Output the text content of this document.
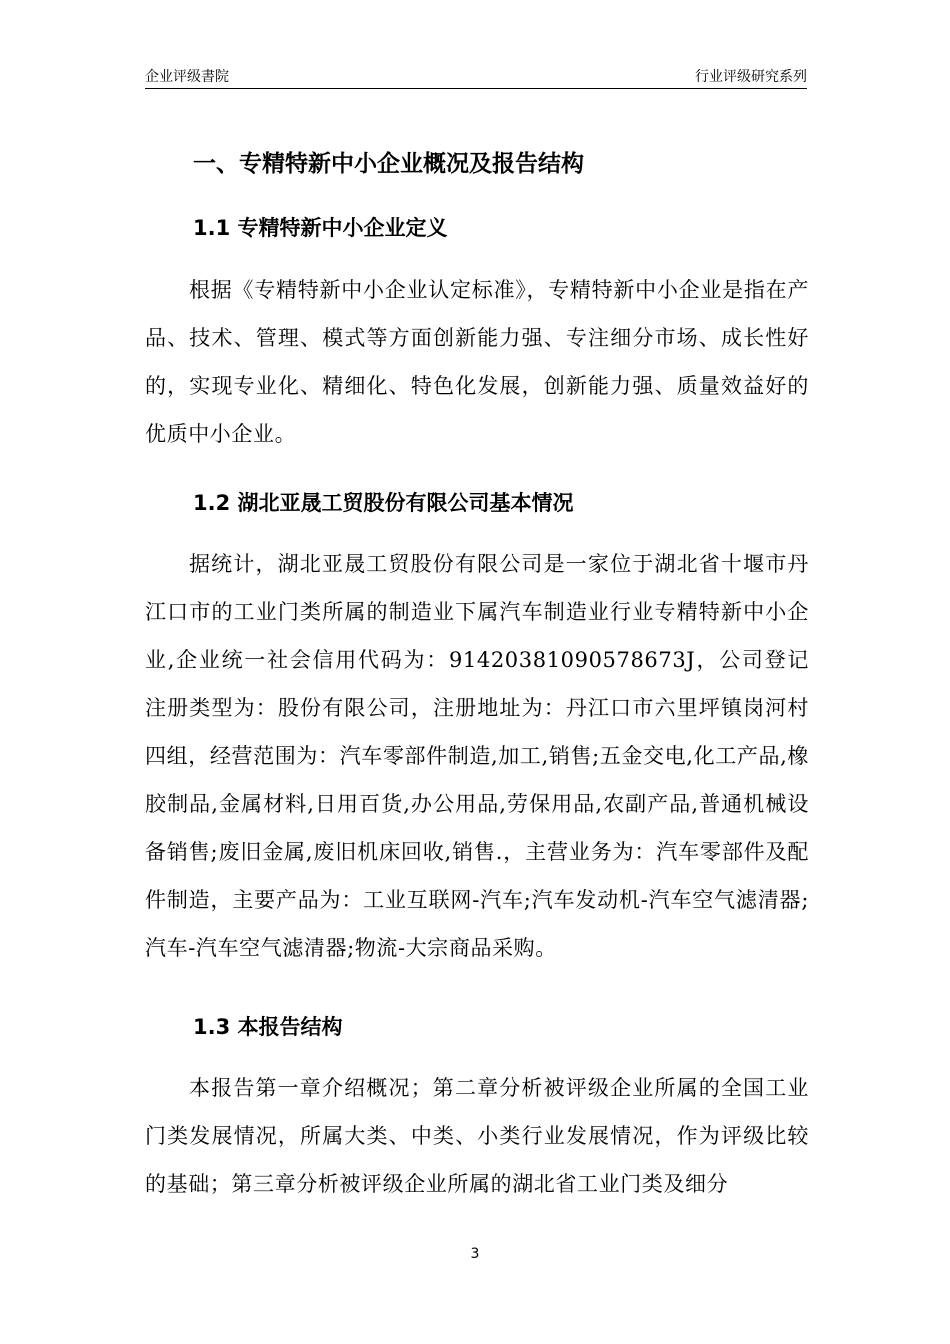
企业评级書院	行业评级研究系列
一、专精特新中小企业概况及报告结构
1.1 专精特新中小企业定义

根据《专精特新中小企业认定标准》，专精特新中小企业是指在产品、技术、管理、模式等方面创新能力强、专注细分市场、成长性好的，实现专业化、精细化、特色化发展，创新能力强、质量效益好的优质中小企业。

1.2 湖北亚晟工贸股份有限公司基本情况

据统计，湖北亚晟工贸股份有限公司是一家位于湖北省十堰市丹江口市的工业门类所属的制造业下属汽车制造业行业专精特新中小企业,企业统一社会信用代码为：91420381090578673J，公司登记注册类型为：股份有限公司，注册地址为：丹江口市六里坪镇岗河村四组，经营范围为：汽车零部件制造,加工,销售;五金交电,化工产品,橡胶制品,金属材料,日用百货,办公用品,劳保用品,农副产品,普通机械设备销售;废旧金属,废旧机床回收,销售.，主营业务为：汽车零部件及配件制造，主要产品为：工业互联网-汽车;汽车发动机-汽车空气滤清器;汽车-汽车空气滤清器;物流-大宗商品采购。

1.3 本报告结构

本报告第一章介绍概况；第二章分析被评级企业所属的全国工业门类发展情况，所属大类、中类、小类行业发展情况，作为评级比较的基础；第三章分析被评级企业所属的湖北省工业门类及细分

3
